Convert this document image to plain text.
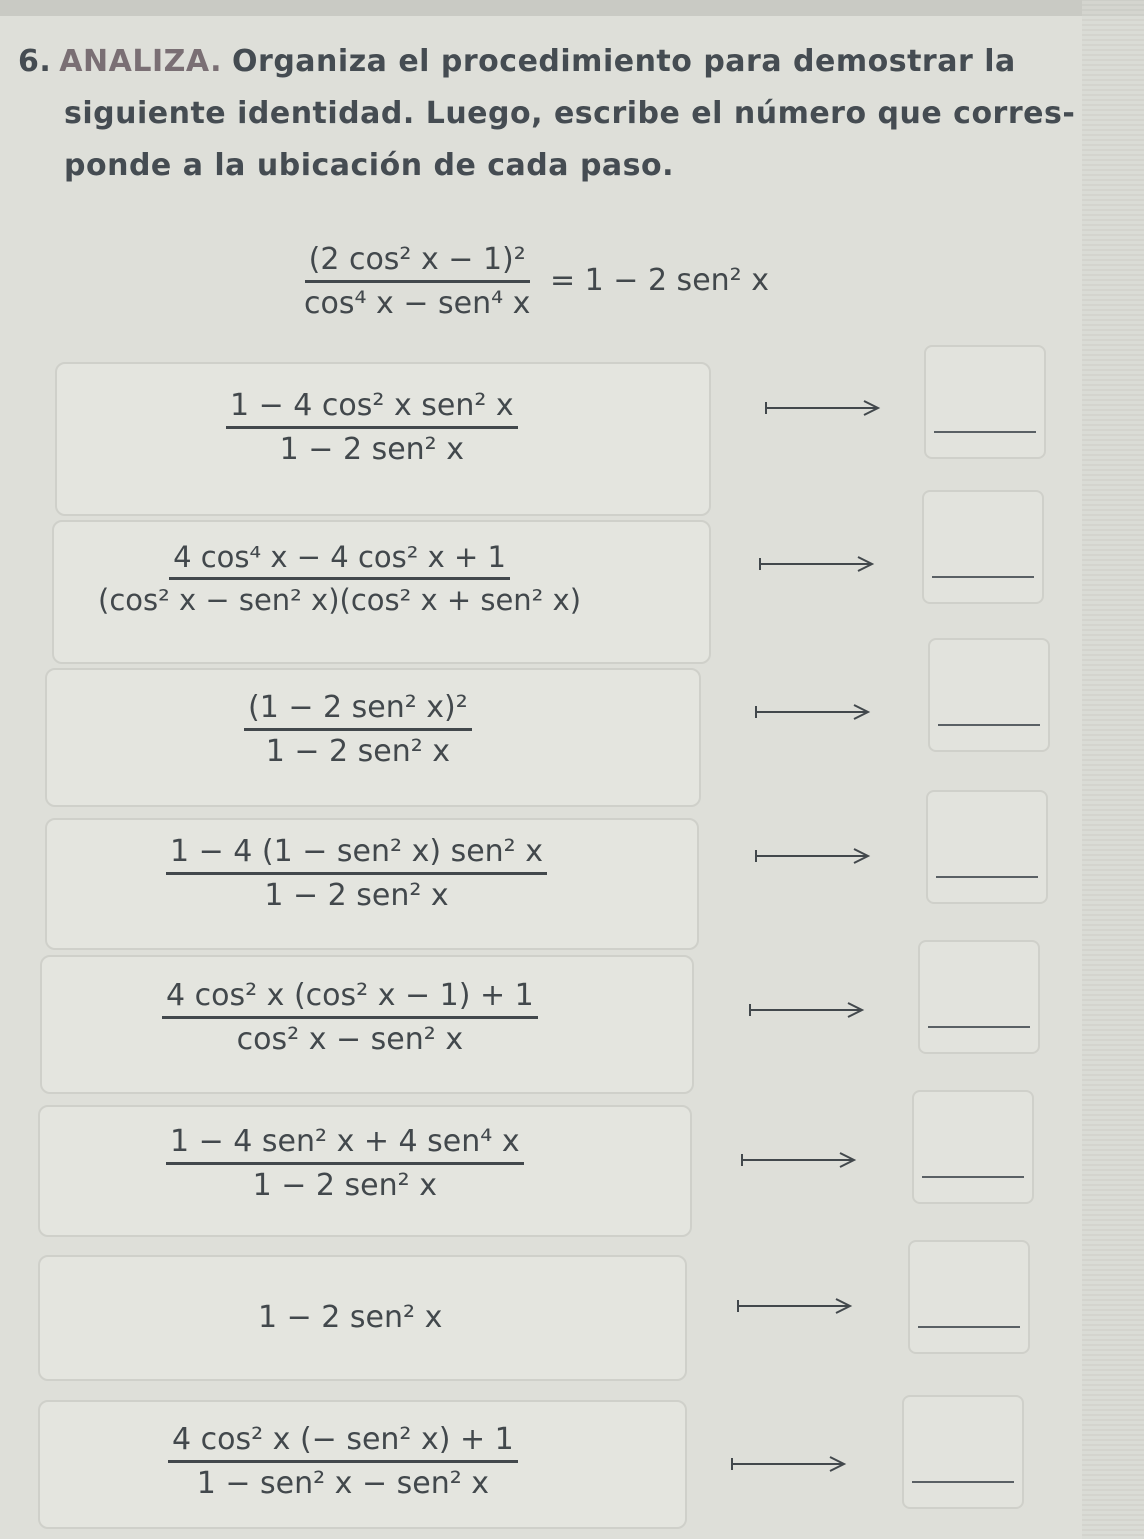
6. ANALIZA. Organiza el procedimiento para demostrar la
siguiente identidad. Luego, escribe el número que corres-
ponde a la ubicación de cada paso.
$\frac{\text{(2 cos² x − 1)²}}{\text{cos⁴ x − sen⁴ x}} = 1 - 2$ sen² x
$\frac{\text{1 − 4 cos² x sen² x}}{\text{1 − 2 sen² x}}$
$\frac{\text{4 cos⁴ x − 4 cos² x + 1}}{\text{(cos² x − sen² x)(cos² x + sen² x)}}$
$\frac{\text{(1 − 2 sen² x)²}}{\text{1 − 2 sen² x}}$
$\frac{\text{1 − 4 (1 − sen² x) sen² x}}{\text{1 − 2 sen² x}}$
$\frac{\text{4 cos² x (cos² x − 1) + 1}}{\text{cos² x − sen² x}}$
$\frac{\text{1 − 4 sen² x + 4 sen⁴ x}}{\text{1 − 2 sen² x}}$
1 − 2 sen² x
$\frac{\text{4 cos² x (− sen² x) + 1}}{\text{1 − sen² x − sen² x}}$
